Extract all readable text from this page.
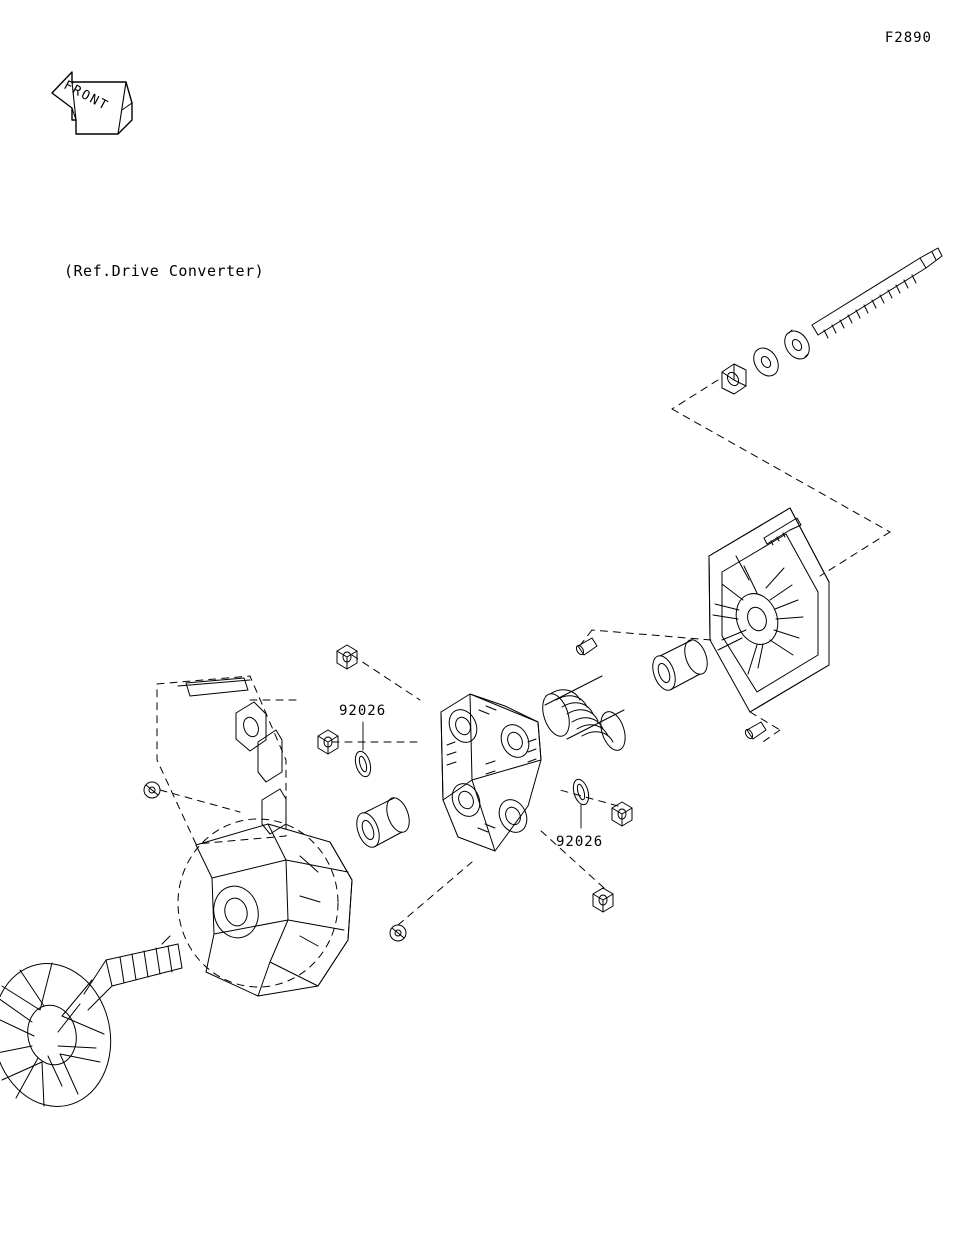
F2890
(Ref.Drive Converter)
FRONT
92026
92026
